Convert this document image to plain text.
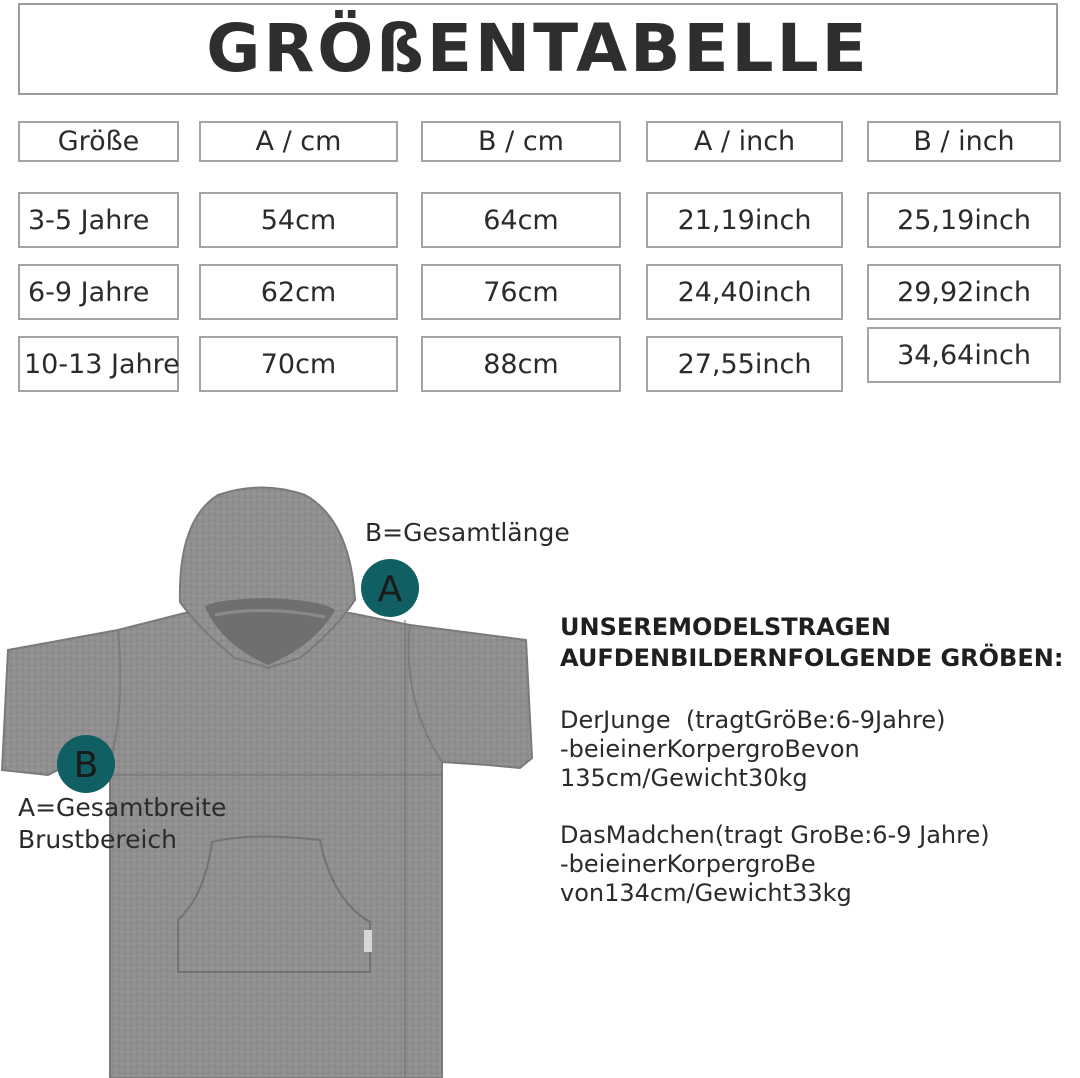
GRÖßENTABELLE
Größe	A / cm	B / cm	A / inch	B / inch
3-5 Jahre	54cm	64cm	21,19inch	25,19inch
6-9 Jahre	62cm	76cm	24,40inch	29,92inch
10-13 Jahre	70cm	88cm	27,55inch	34,64inch
A
B
B=Gesamtlänge
A=Gesamtbreite
Brustbereich
UNSEREMODELSTRAGEN
AUFDENBILDERNFOLGENDE GRÖBEN:
DerJunge  (tragtGröBe:6-9Jahre)
-beieinerKorpergroBevon
135cm/Gewicht30kg
DasMadchen(tragt GroBe:6-9 Jahre)
-beieinerKorpergroBe
von134cm/Gewicht33kg
